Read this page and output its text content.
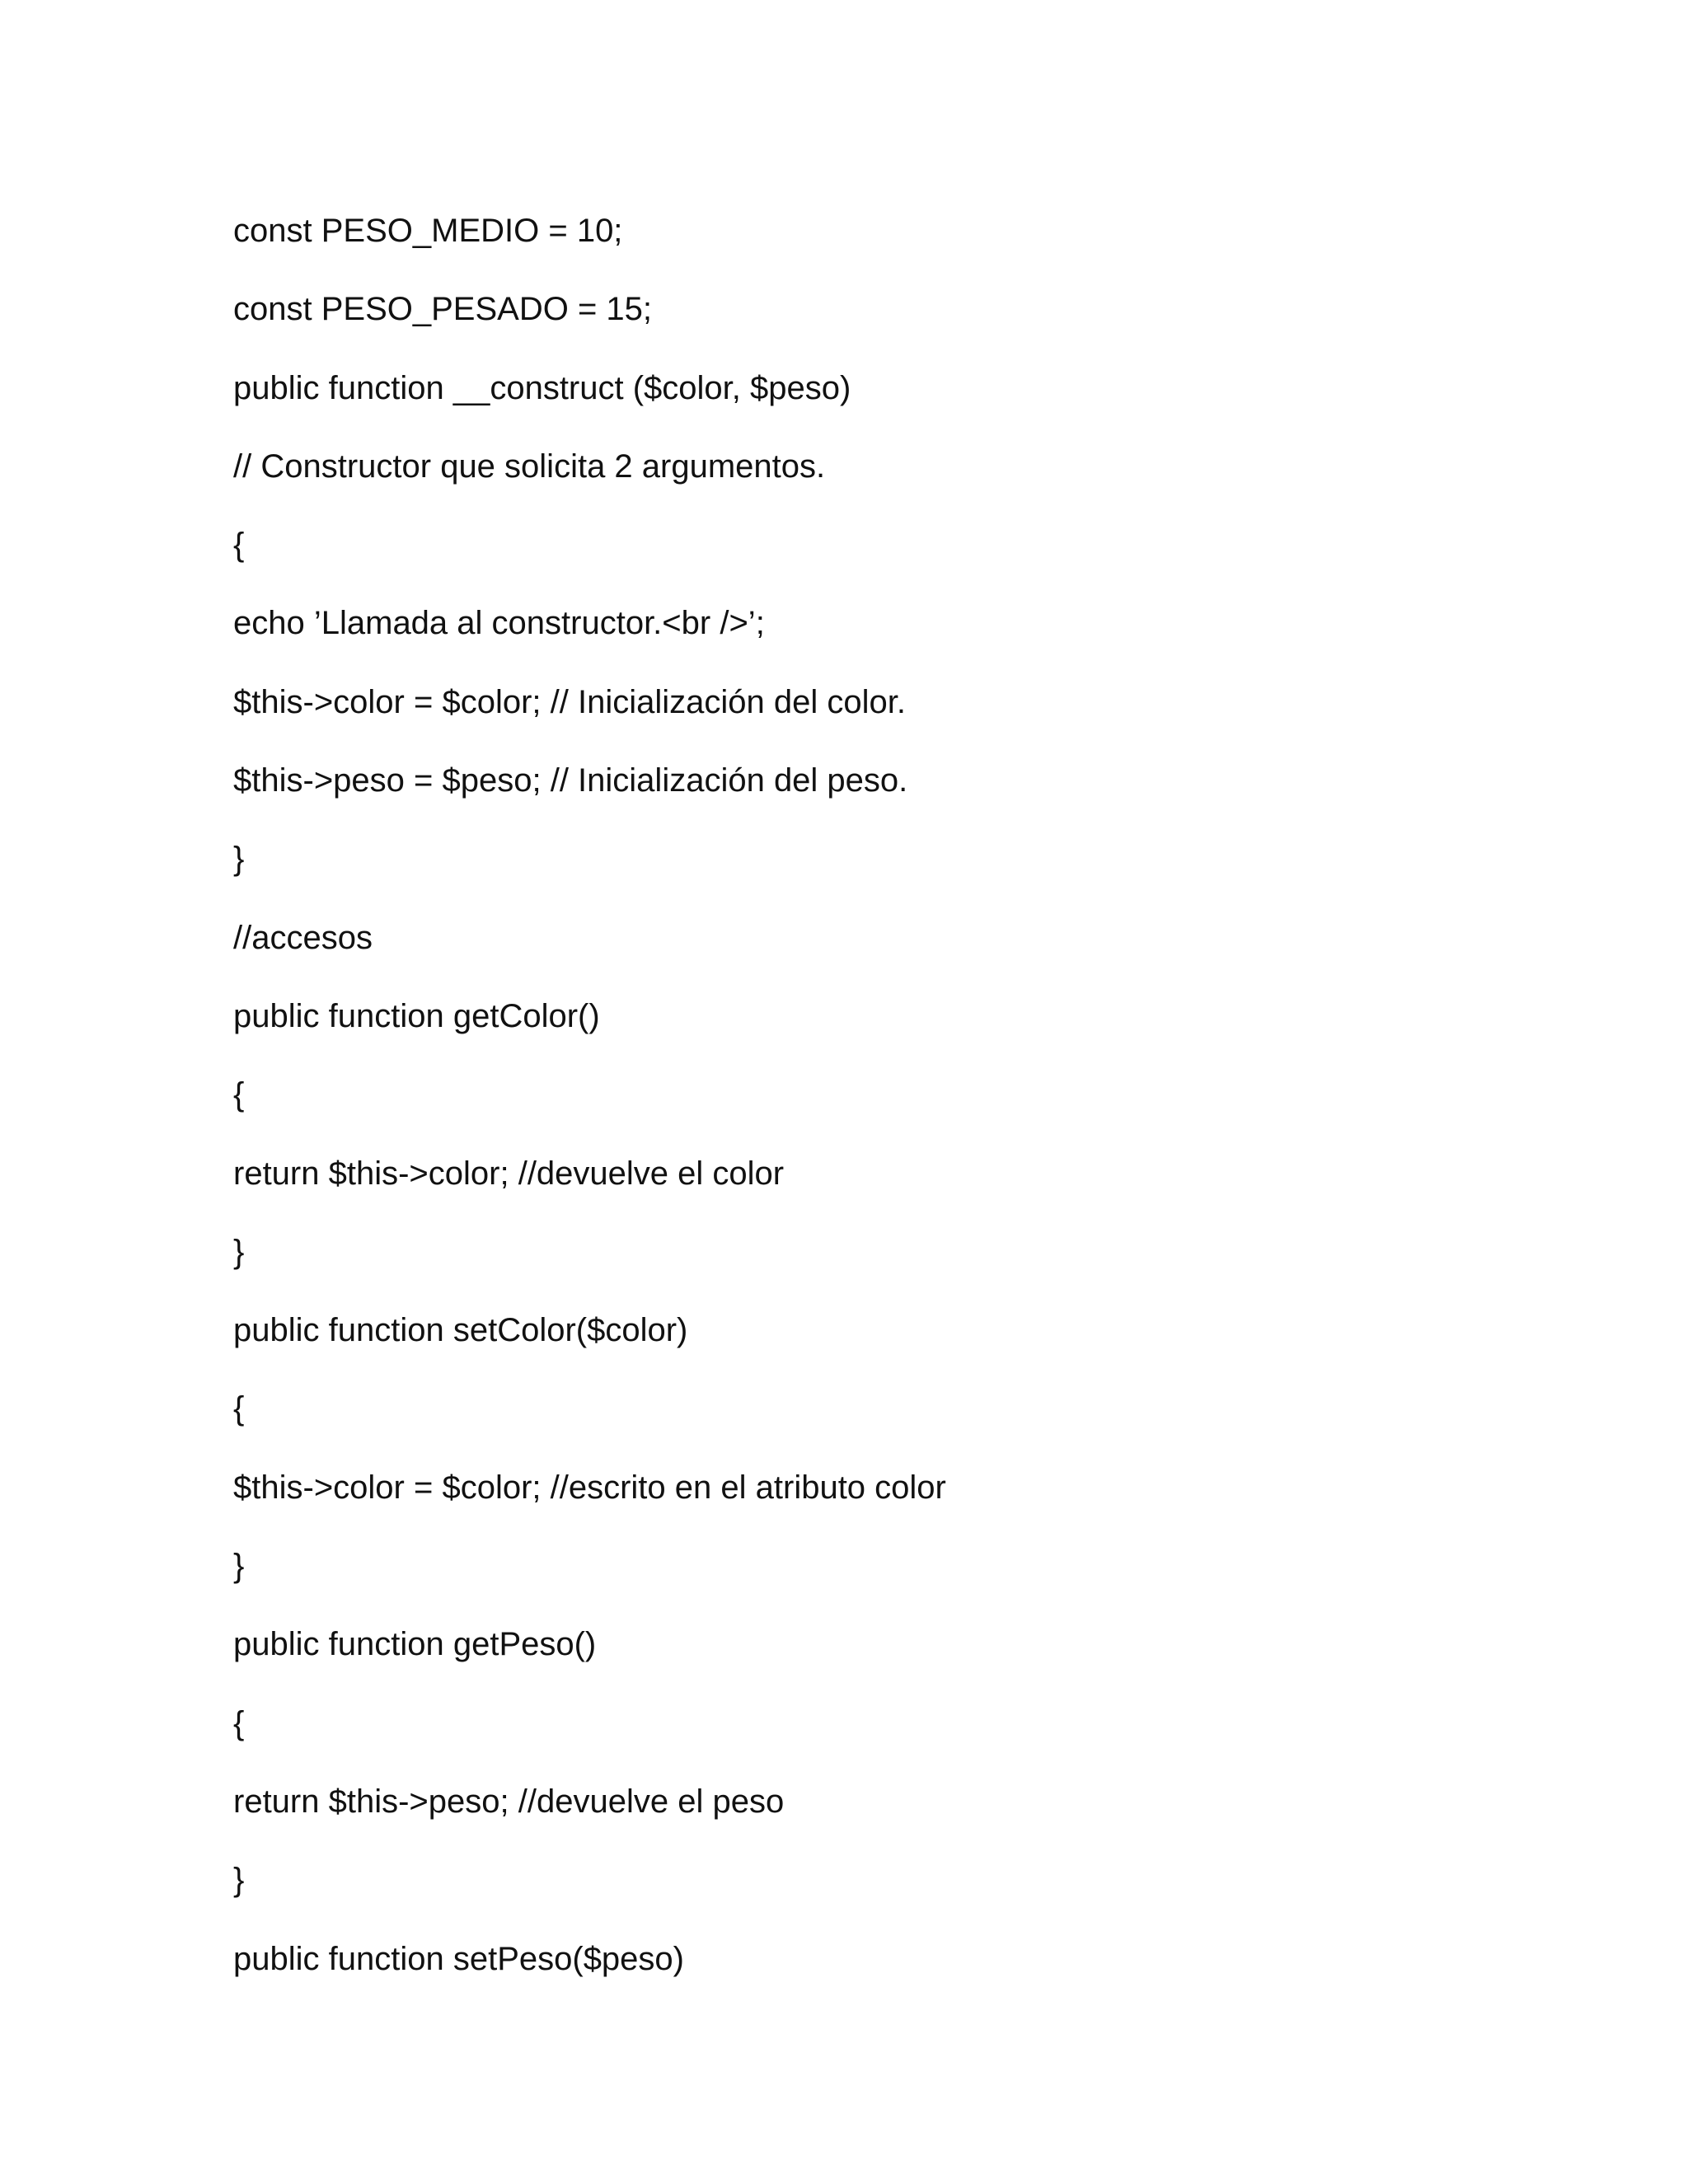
const PESO_MEDIO = 10;

const PESO_PESADO = 15;

public function __construct ($color, $peso)

// Constructor que solicita 2 argumentos.

{

echo ’Llamada al constructor.<br />’;

$this->color = $color; // Inicialización del color.

$this->peso = $peso; // Inicialización del peso.

}

//accesos

public function getColor()

{

return $this->color; //devuelve el color

}

public function setColor($color)

{

$this->color = $color; //escrito en el atributo color

}

public function getPeso()

{

return $this->peso; //devuelve el peso

}

public function setPeso($peso)
